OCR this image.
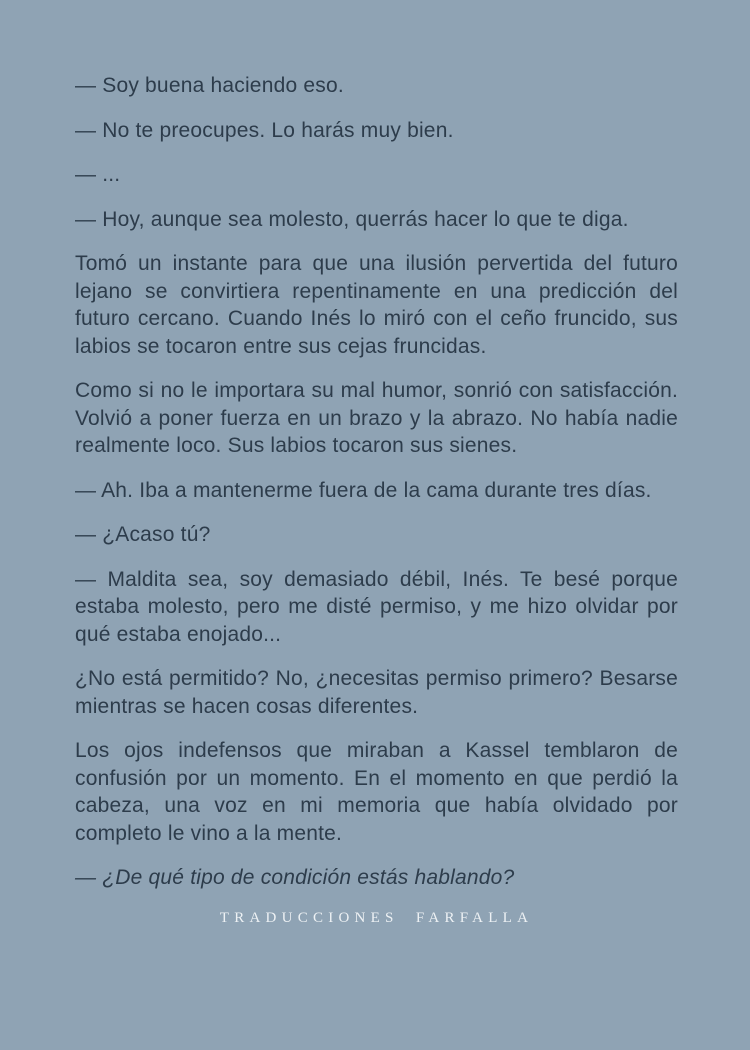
— Soy buena haciendo eso.

— No te preocupes. Lo harás muy bien.

— ...

— Hoy, aunque sea molesto, querrás hacer lo que te diga.

Tomó un instante para que una ilusión pervertida del futuro lejano se convirtiera repentinamente en una predicción del futuro cercano. Cuando Inés lo miró con el ceño fruncido, sus labios se tocaron entre sus cejas fruncidas.

Como si no le importara su mal humor, sonrió con satisfacción. Volvió a poner fuerza en un brazo y la abrazo. No había nadie realmente loco. Sus labios tocaron sus sienes.

— Ah. Iba a mantenerme fuera de la cama durante tres días.

— ¿Acaso tú?

— Maldita sea, soy demasiado débil, Inés. Te besé porque estaba molesto, pero me disté permiso, y me hizo olvidar por qué estaba enojado...

¿No está permitido? No, ¿necesitas permiso primero? Besarse mientras se hacen cosas diferentes.

Los ojos indefensos que miraban a Kassel temblaron de confusión por un momento. En el momento en que perdió la cabeza, una voz en mi memoria que había olvidado por completo le vino a la mente.

— ¿De qué tipo de condición estás hablando?

TRADUCCIONES FARFALLA
